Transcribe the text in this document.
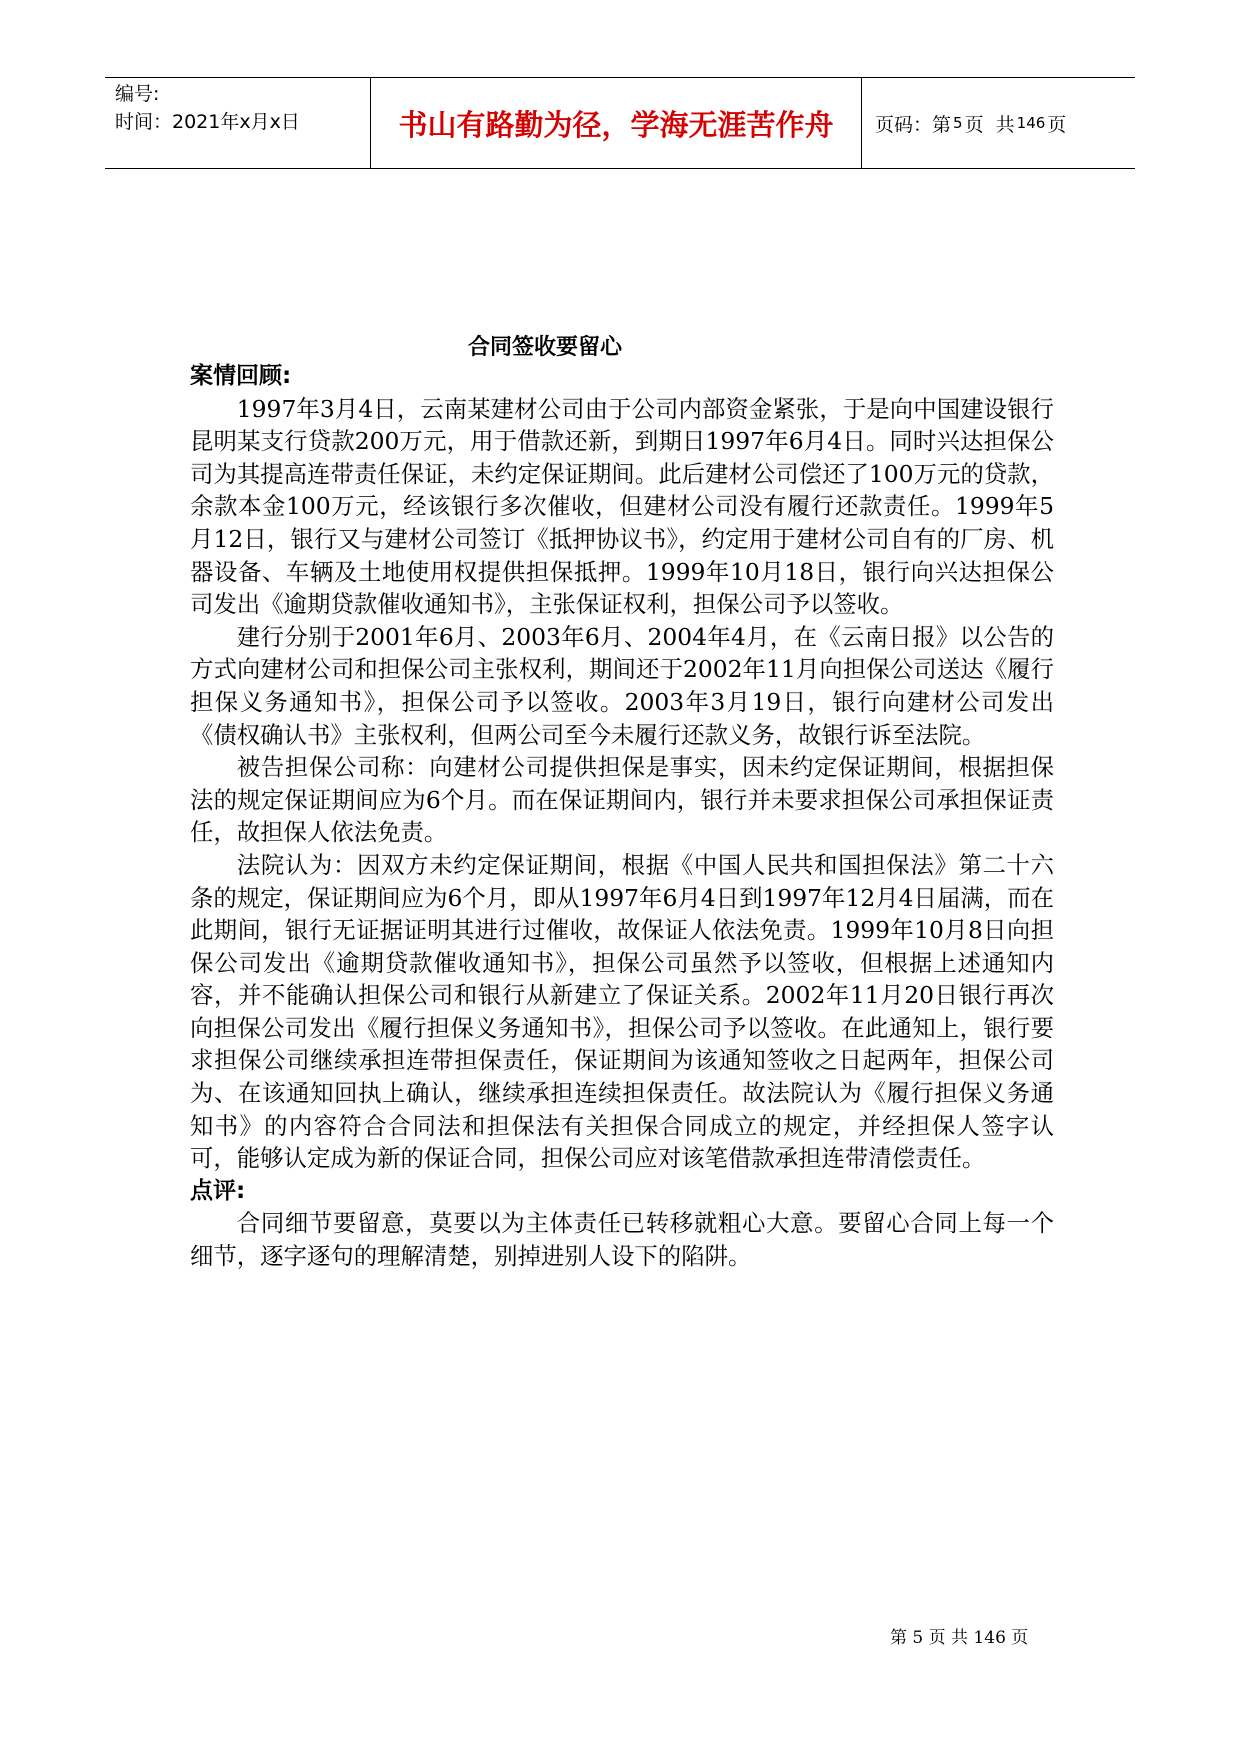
编号:
时间：2021年x月x日	书山有路勤为径，学海无涯苦作舟	页码：第 5 页  共 146 页
合同签收要留心

案情回顾:

1997年3月4日，云南某建材公司由于公司内部资金紧张，于是向中国建设银行昆明某支行贷款200万元，用于借款还新，到期日1997年6月4日。同时兴达担保公司为其提高连带责任保证，未约定保证期间。此后建材公司偿还了100万元的贷款，余款本金100万元，经该银行多次催收，但建材公司没有履行还款责任。1999年5月12日，银行又与建材公司签订《抵押协议书》，约定用于建材公司自有的厂房、机器设备、车辆及土地使用权提供担保抵押。1999年10月18日，银行向兴达担保公司发出《逾期贷款催收通知书》，主张保证权利，担保公司予以签收。

建行分别于2001年6月、2003年6月、2004年4月，在《云南日报》以公告的方式向建材公司和担保公司主张权利，期间还于2002年11月向担保公司送达《履行担保义务通知书》，担保公司予以签收。2003年3月19日，银行向建材公司发出《债权确认书》主张权利，但两公司至今未履行还款义务，故银行诉至法院。

被告担保公司称：向建材公司提供担保是事实，因未约定保证期间，根据担保法的规定保证期间应为6个月。而在保证期间内，银行并未要求担保公司承担保证责任，故担保人依法免责。

法院认为：因双方未约定保证期间，根据《中国人民共和国担保法》第二十六条的规定，保证期间应为6个月，即从1997年6月4日到1997年12月4日届满，而在此期间，银行无证据证明其进行过催收，故保证人依法免责。1999年10月8日向担保公司发出《逾期贷款催收通知书》，担保公司虽然予以签收，但根据上述通知内容，并不能确认担保公司和银行从新建立了保证关系。2002年11月20日银行再次向担保公司发出《履行担保义务通知书》，担保公司予以签收。在此通知上，银行要求担保公司继续承担连带担保责任，保证期间为该通知签收之日起两年，担保公司为、在该通知回执上确认，继续承担连续担保责任。故法院认为《履行担保义务通知书》的内容符合合同法和担保法有关担保合同成立的规定，并经担保人签字认可，能够认定成为新的保证合同，担保公司应对该笔借款承担连带清偿责任。

点评:

合同细节要留意，莫要以为主体责任已转移就粗心大意。要留心合同上每一个细节，逐字逐句的理解清楚，别掉进别人设下的陷阱。

第 5 页 共 146 页
